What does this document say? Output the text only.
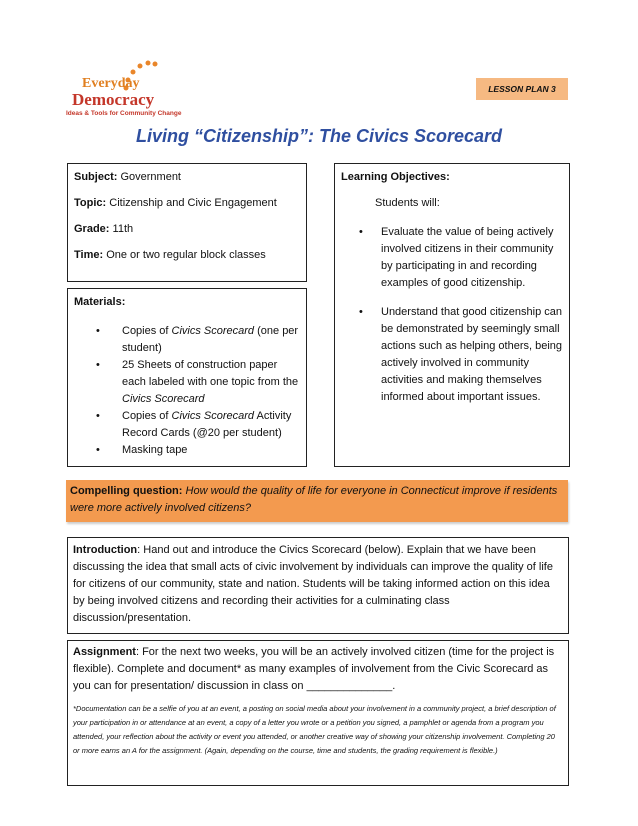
Everyday
Democracy
Ideas & Tools for Community Change
LESSON PLAN 3
Living “Citizenship”: The Civics Scorecard

Subject: Government

Topic: Citizenship and Civic Engagement

Grade: 11th

Time: One or two regular block classes

Materials:
• Copies of Civics Scorecard (one per student)
• 25 Sheets of construction paper each labeled with one topic from the Civics Scorecard
• Copies of Civics Scorecard Activity Record Cards (@20 per student)
• Masking tape
Learning Objectives:
Students will:
• Evaluate the value of being actively involved citizens in their community by participating in and recording examples of good citizenship.
• Understand that good citizenship can be demonstrated by seemingly small actions such as helping others, being actively involved in community activities and making themselves informed about important issues.
Compelling question: How would the quality of life for everyone in Connecticut improve if residents were more actively involved citizens?
Introduction: Hand out and introduce the Civics Scorecard (below). Explain that we have been discussing the idea that small acts of civic involvement by individuals can improve the quality of life for citizens of our community, state and nation. Students will be taking informed action on this idea by being involved citizens and recording their activities for a culminating class discussion/presentation.
Assignment: For the next two weeks, you will be an actively involved citizen (time for the project is flexible). Complete and document* as many examples of involvement from the Civic Scorecard as you can for presentation/ discussion in class on ______________.
*Documentation can be a selfie of you at an event, a posting on social media about your involvement in a community project, a brief description of your participation in or attendance at an event, a copy of a letter you wrote or a petition you signed, a pamphlet or agenda from a program you attended, your reflection about the activity or event you attended, or another creative way of showing your citizenship involvement. Completing 20 or more earns an A for the assignment. (Again, depending on the course, time and students, the grading requirement is flexible.)
